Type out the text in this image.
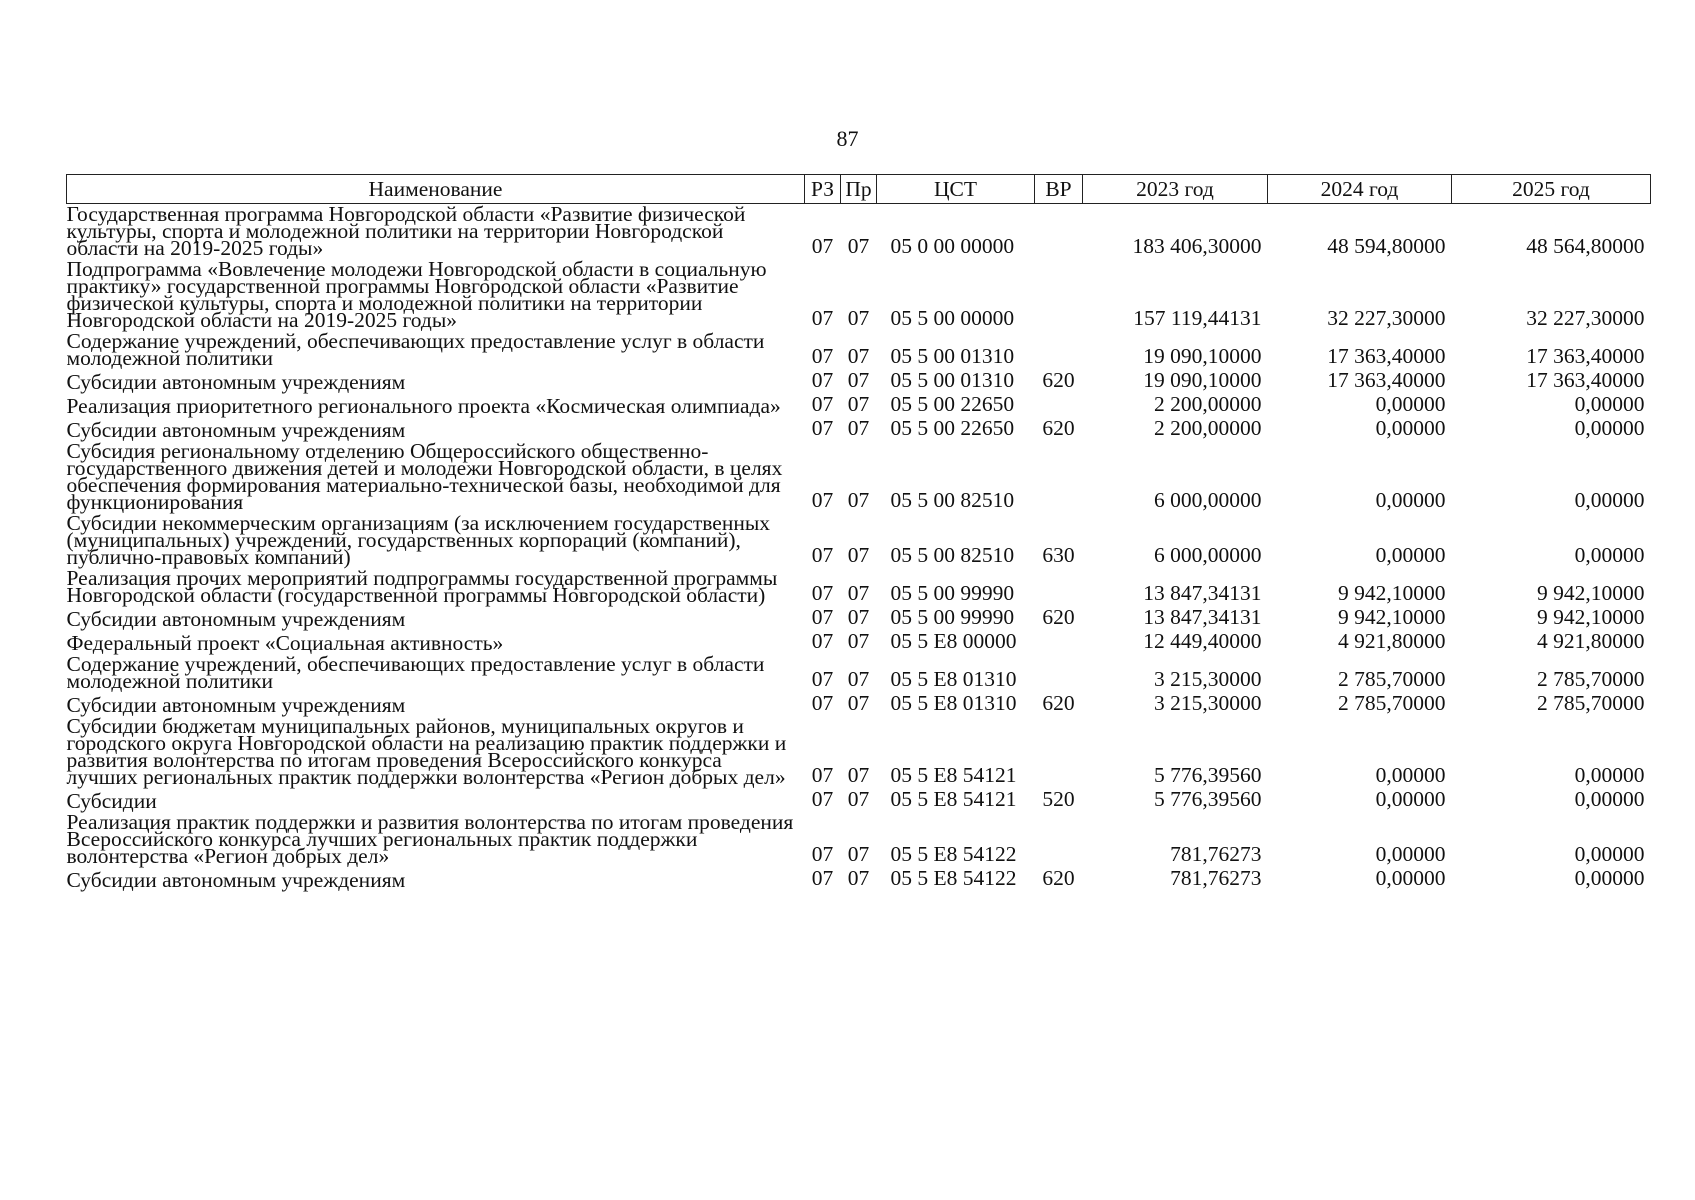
87
Наименование	РЗ	Пр	ЦСТ	ВР	2023 год	2024 год	2025 год
Государственная программа Новгородской области «Развитие физической культуры, спорта и молодежной политики на территории Новгородской области на 2019-2025 годы»	07	07	05 0 00 00000		183 406,30000	48 594,80000	48 564,80000
Подпрограмма «Вовлечение молодежи Новгородской области в социальную практику» государственной программы Новгородской области «Развитие физической культуры, спорта и молодежной политики на территории Новгородской области на 2019-2025 годы»	07	07	05 5 00 00000		157 119,44131	32 227,30000	32 227,30000
Содержание учреждений, обеспечивающих предоставление услуг в области молодежной политики	07	07	05 5 00 01310		19 090,10000	17 363,40000	17 363,40000
Субсидии автономным учреждениям	07	07	05 5 00 01310	620	19 090,10000	17 363,40000	17 363,40000
Реализация приоритетного регионального проекта «Космическая олимпиада»	07	07	05 5 00 22650		2 200,00000	0,00000	0,00000
Субсидии автономным учреждениям	07	07	05 5 00 22650	620	2 200,00000	0,00000	0,00000
Субсидия региональному отделению Общероссийского общественно-государственного движения детей и молодежи Новгородской области, в целях обеспечения формирования материально-технической базы, необходимой для функционирования	07	07	05 5 00 82510		6 000,00000	0,00000	0,00000
Субсидии некоммерческим организациям (за исключением государственных (муниципальных) учреждений, государственных корпораций (компаний), публично-правовых компаний)	07	07	05 5 00 82510	630	6 000,00000	0,00000	0,00000
Реализация прочих мероприятий подпрограммы государственной программы Новгородской области (государственной программы Новгородской области)	07	07	05 5 00 99990		13 847,34131	9 942,10000	9 942,10000
Субсидии автономным учреждениям	07	07	05 5 00 99990	620	13 847,34131	9 942,10000	9 942,10000
Федеральный проект «Социальная активность»	07	07	05 5 E8 00000		12 449,40000	4 921,80000	4 921,80000
Содержание учреждений, обеспечивающих предоставление услуг в области молодежной политики	07	07	05 5 E8 01310		3 215,30000	2 785,70000	2 785,70000
Субсидии автономным учреждениям	07	07	05 5 E8 01310	620	3 215,30000	2 785,70000	2 785,70000
Субсидии бюджетам муниципальных районов, муниципальных округов и городского округа Новгородской области на реализацию практик поддержки и развития волонтерства по итогам проведения Всероссийского конкурса лучших региональных практик поддержки волонтерства «Регион добрых дел»	07	07	05 5 E8 54121		5 776,39560	0,00000	0,00000
Субсидии	07	07	05 5 E8 54121	520	5 776,39560	0,00000	0,00000
Реализация практик поддержки и развития волонтерства по итогам проведения Всероссийского конкурса лучших региональных практик поддержки волонтерства «Регион добрых дел»	07	07	05 5 E8 54122		781,76273	0,00000	0,00000
Субсидии автономным учреждениям	07	07	05 5 E8 54122	620	781,76273	0,00000	0,00000
